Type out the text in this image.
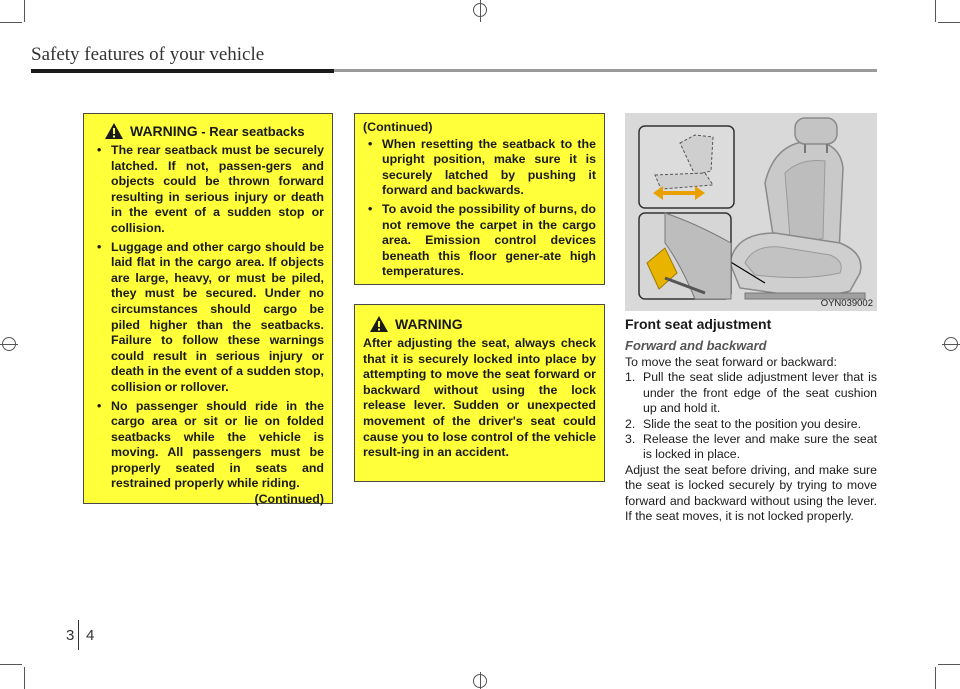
Safety features of your vehicle
WARNING - Rear seatbacks
• The rear seatback must be securely latched. If not, passen-gers and objects could be thrown forward resulting in serious injury or death in the event of a sudden stop or collision.
• Luggage and other cargo should be laid flat in the cargo area. If objects are large, heavy, or must be piled, they must be secured. Under no circumstances should cargo be piled higher than the seatbacks. Failure to follow these warnings could result in serious injury or death in the event of a sudden stop, collision or rollover.
• No passenger should ride in the cargo area or sit or lie on folded seatbacks while the vehicle is moving. All passengers must be properly seated in seats and restrained properly while riding.

(Continued)

(Continued)

• When resetting the seatback to the upright position, make sure it is securely latched by pushing it forward and backwards.
• To avoid the possibility of burns, do not remove the carpet in the cargo area. Emission control devices beneath this floor gener-ate high temperatures.
WARNING

After adjusting the seat, always check that it is securely locked into place by attempting to move the seat forward or backward without using the lock release lever. Sudden or unexpected movement of the driver's seat could cause you to lose control of the vehicle result-ing in an accident.

OYN039002
Front seat adjustment
Forward and backward
To move the seat forward or backward:
1. Pull the seat slide adjustment lever that is under the front edge of the seat cushion up and hold it.
2. Slide the seat to the position you desire.
3. Release the lever and make sure the seat is locked in place.
Adjust the seat before driving, and make sure the seat is locked securely by trying to move forward and backward without using the lever. If the seat moves, it is not locked properly.
3 4
